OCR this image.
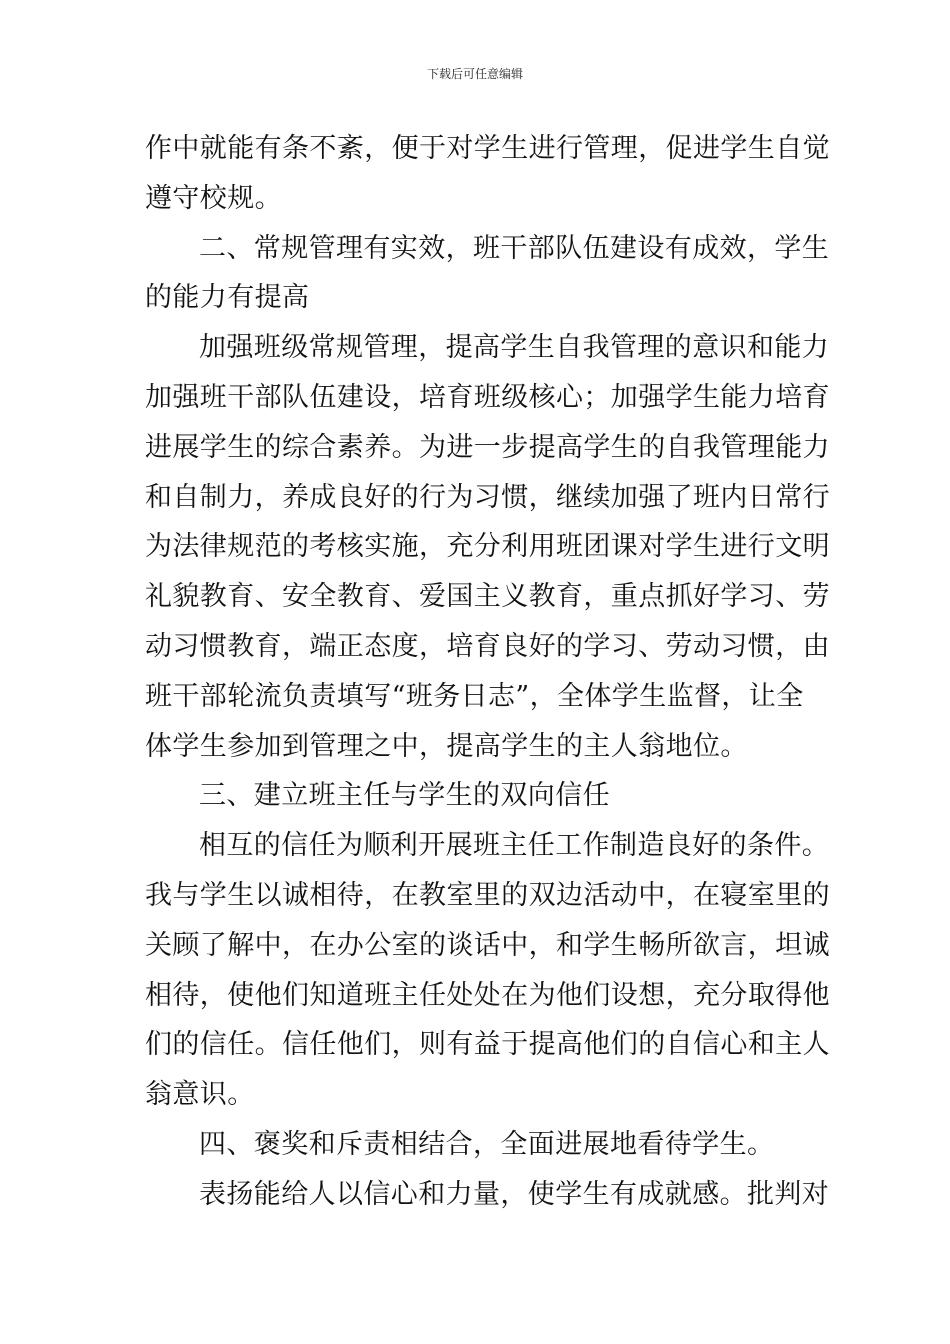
下载后可任意编辑
作中就能有条不紊，便于对学生进行管理，促进学生自觉
遵守校规。
二、常规管理有实效，班干部队伍建设有成效，学生
的能力有提高
加强班级常规管理，提高学生自我管理的意识和能力
加强班干部队伍建设，培育班级核心；加强学生能力培育
进展学生的综合素养。为进一步提高学生的自我管理能力
和自制力，养成良好的行为习惯，继续加强了班内日常行
为法律规范的考核实施，充分利用班团课对学生进行文明
礼貌教育、安全教育、爱国主义教育，重点抓好学习、劳
动习惯教育，端正态度，培育良好的学习、劳动习惯，由
班干部轮流负责填写“班务日志”，全体学生监督，让全
体学生参加到管理之中，提高学生的主人翁地位。
三、建立班主任与学生的双向信任
相互的信任为顺利开展班主任工作制造良好的条件。
我与学生以诚相待，在教室里的双边活动中，在寝室里的
关顾了解中，在办公室的谈话中，和学生畅所欲言，坦诚
相待，使他们知道班主任处处在为他们设想，充分取得他
们的信任。信任他们，则有益于提高他们的自信心和主人
翁意识。
四、褒奖和斥责相结合，全面进展地看待学生。
表扬能给人以信心和力量，使学生有成就感。批判对
